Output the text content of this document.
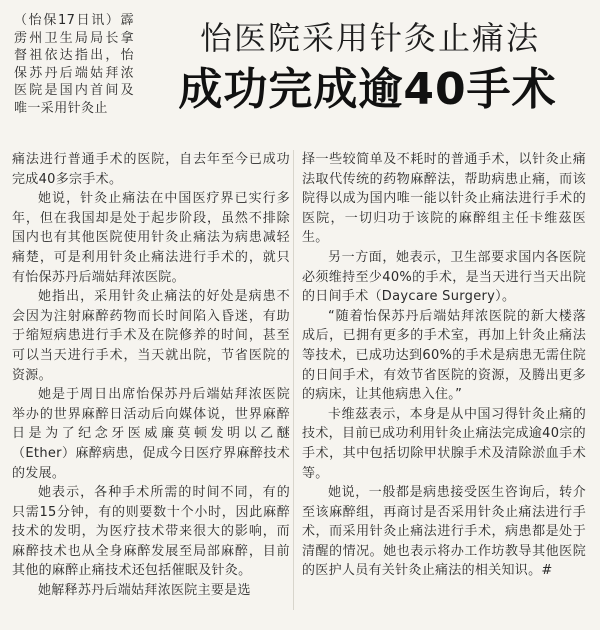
（怡保17日讯）霹雳州卫生局局长拿督祖依达指出，怡保苏丹后端姑拜浓医院是国内首间及唯一采用针灸止

怡医院采用针灸止痛法
成功完成逾40手术

痛法进行普通手术的医院，自去年至今已成功完成40多宗手术。

她说，针灸止痛法在中国医疗界已实行多年，但在我国却是处于起步阶段，虽然不排除国内也有其他医院使用针灸止痛法为病患减轻痛楚，可是利用针灸止痛法进行手术的，就只有怡保苏丹后端姑拜浓医院。

她指出，采用针灸止痛法的好处是病患不会因为注射麻醉药物而长时间陷入昏迷，有助于缩短病患进行手术及在院修养的时间，甚至可以当天进行手术，当天就出院，节省医院的资源。

她是于周日出席怡保苏丹后端姑拜浓医院举办的世界麻醉日活动后向媒体说，世界麻醉日是为了纪念牙医威廉莫顿发明以乙醚（Ether）麻醉病患，促成今日医疗界麻醉技术的发展。

她表示，各种手术所需的时间不同，有的只需15分钟，有的则要数十个小时，因此麻醉技术的发明，为医疗技术带来很大的影响，而麻醉技术也从全身麻醉发展至局部麻醉，目前其他的麻醉止痛技术还包括催眠及针灸。

她解释苏丹后端姑拜浓医院主要是选

择一些较简单及不耗时的普通手术，以针灸止痛法取代传统的药物麻醉法，帮助病患止痛，而该院得以成为国内唯一能以针灸止痛法进行手术的医院，一切归功于该院的麻醉组主任卡维茲医生。

另一方面，她表示，卫生部要求国内各医院必须维持至少40%的手术，是当天进行当天出院的日间手术（Daycare Surgery）。

“随着怡保苏丹后端姑拜浓医院的新大楼落成后，已拥有更多的手术室，再加上针灸止痛法等技术，已成功达到60%的手术是病患无需住院的日间手术，有效节省医院的资源，及腾出更多的病床，让其他病患入住。”

卡维茲表示，本身是从中国习得针灸止痛的技术，目前已成功利用针灸止痛法完成逾40宗的手术，其中包括切除甲状腺手术及清除淤血手术等。

她说，一般都是病患接受医生咨询后，转介至该麻醉组，再商讨是否采用针灸止痛法进行手术，而采用针灸止痛法进行手术，病患都是处于清醒的情况。她也表示将办工作坊教导其他医院的医护人员有关针灸止痛法的相关知识。#
